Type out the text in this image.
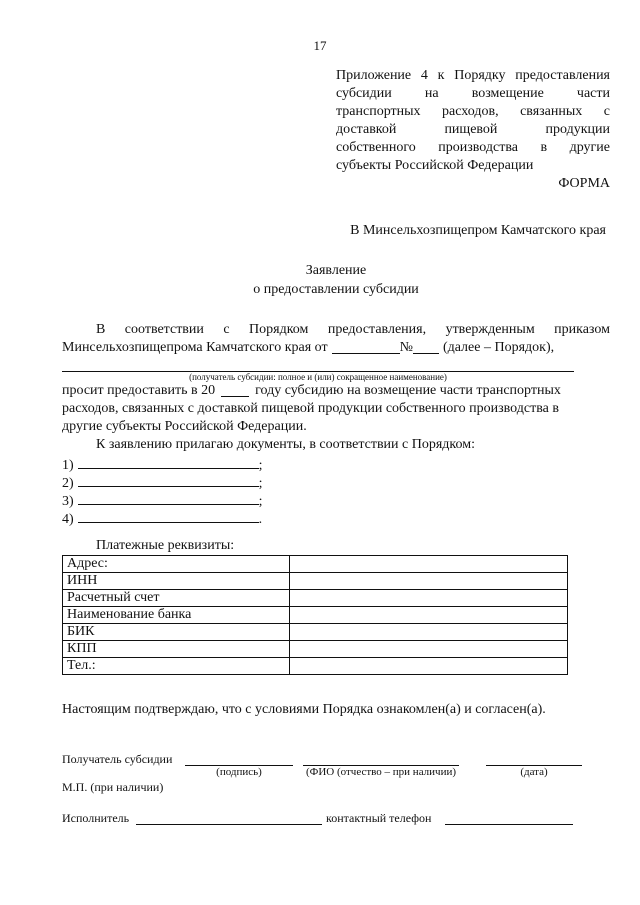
17
Приложение 4 к Порядку предоставления
субсидии на возмещение части
транспортных расходов, связанных с
доставкой	пищевой	продукции
собственного производства в другие
субъекты Российской Федерации
ФОРМА
В Минсельхозпищепром Камчатского края
Заявление
о предоставлении субсидии
В соответствии с Порядком предоставления, утвержденным приказом
Минсельхозпищепрома Камчатского края от	№ (далее – Порядок),
(получатель субсидии: полное и (или) сокращенное наименование)
просит предоставить в 20	году субсидию на возмещение части транспортных
расходов, связанных с доставкой пищевой продукции собственного производства в
другие субъекты Российской Федерации.
К заявлению прилагаю документы, в соответствии с Порядком:
1)	;
2)	;
3)	;
4)	.
Платежные реквизиты:
Адрес:	
ИНН	
Расчетный счет	
Наименование банка	
БИК	
КПП	
Тел.:	
Настоящим подтверждаю, что с условиями Порядка ознакомлен(а) и согласен(а).
Получатель субсидии
(подпись)	(ФИО (отчество – при наличии)	(дата)
М.П. (при наличии)
Исполнитель	контактный телефон
